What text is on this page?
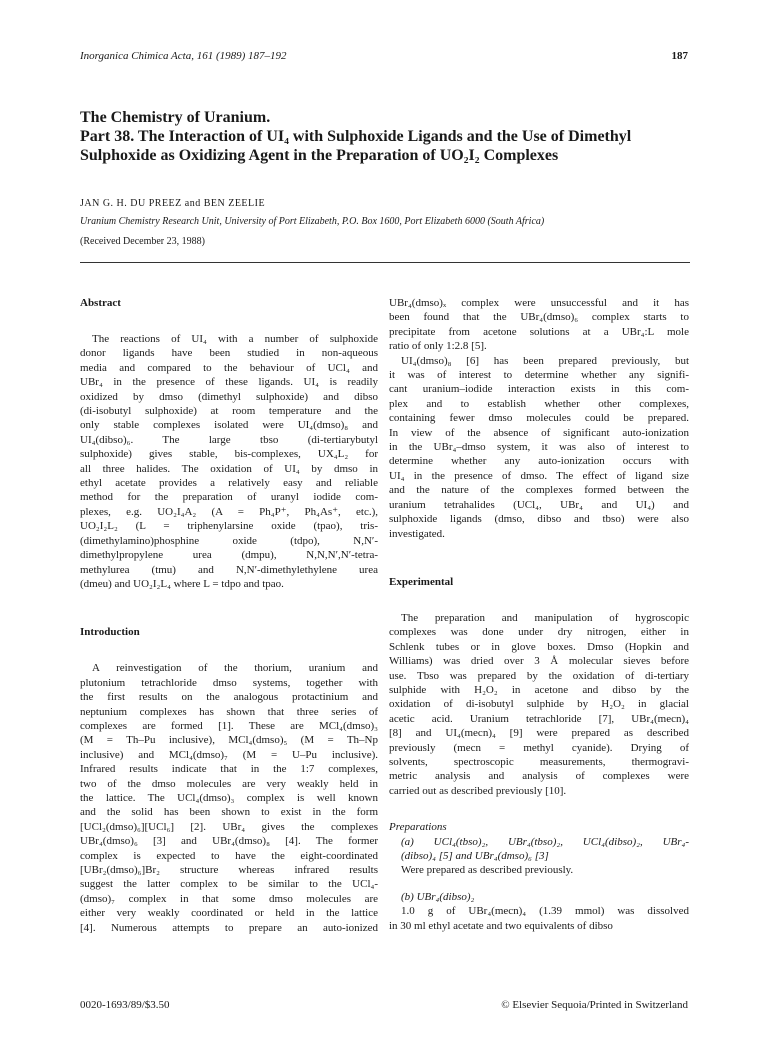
Inorganica Chimica Acta, 161 (1989) 187–192	187
The Chemistry of Uranium.
Part 38. The Interaction of UI₄ with Sulphoxide Ligands and the Use of Dimethyl
Sulphoxide as Oxidizing Agent in the Preparation of UO₂I₂ Complexes
JAN G. H. DU PREEZ and BEN ZEELIE
Uranium Chemistry Research Unit, University of Port Elizabeth, P.O. Box 1600, Port Elizabeth 6000 (South Africa)
(Received December 23, 1988)

Abstract

The reactions of UI₄ with a number of sulphoxide
donor ligands have been studied in non-aqueous
media and compared to the behaviour of UCl₄ and
UBr₄ in the presence of these ligands. UI₄ is readily
oxidized by dmso (dimethyl sulphoxide) and dibso
(di-isobutyl sulphoxide) at room temperature and the
only stable complexes isolated were UI₄(dmso)₈ and
UI₄(dibso)₆. The large tbso (di-tertiarybutyl
sulphoxide) gives stable, bis-complexes, UX₄L₂ for
all three halides. The oxidation of UI₄ by dmso in
ethyl acetate provides a relatively easy and reliable
method for the preparation of uranyl iodide com-
plexes, e.g. UO₂I₄A₂ (A = Ph₄P⁺, Ph₄As⁺, etc.),
UO₂I₂L₂ (L = triphenylarsine oxide (tpao), tris-
(dimethylamino)phosphine oxide (tdpo), N,N′-
dimethylpropylene urea (dmpu), N,N,N′,N′-tetra-
methylurea (tmu) and N,N′-dimethylethylene urea
(dmeu) and UO₂I₂L₄ where L = tdpo and tpao.

Introduction

A reinvestigation of the thorium, uranium and
plutonium tetrachloride dmso systems, together with
the first results on the analogous protactinium and
neptunium complexes has shown that three series of
complexes are formed [1]. These are MCl₄(dmso)₃
(M = Th–Pu inclusive), MCl₄(dmso)₅ (M = Th–Np
inclusive) and MCl₄(dmso)₇ (M = U–Pu inclusive).
Infrared results indicate that in the 1:7 complexes,
two of the dmso molecules are very weakly held in
the lattice. The UCl₄(dmso)₃ complex is well known
and the solid has been shown to exist in the form
[UCl₂(dmso)₆][UCl₆] [2]. UBr₄ gives the complexes
UBr₄(dmso)₆ [3] and UBr₄(dmso)₈ [4]. The former
complex is expected to have the eight-coordinated
[UBr₂(dmso)₆]Br₂ structure whereas infrared results
suggest the latter complex to be similar to the UCl₄-
(dmso)₇ complex in that some dmso molecules are
either very weakly coordinated or held in the lattice
[4]. Numerous attempts to prepare an auto-ionized
UBr₄(dmso)ₓ complex were unsuccessful and it has
been found that the UBr₄(dmso)₆ complex starts to
precipitate from acetone solutions at a UBr₄:L mole
ratio of only 1:2.8 [5].
UI₄(dmso)₈ [6] has been prepared previously, but
it was of interest to determine whether any signifi-
cant uranium–iodide interaction exists in this com-
plex and to establish whether other complexes,
containing fewer dmso molecules could be prepared.
In view of the absence of significant auto-ionization
in the UBr₄–dmso system, it was also of interest to
determine whether any auto-ionization occurs with
UI₄ in the presence of dmso. The effect of ligand size
and the nature of the complexes formed between the
uranium tetrahalides (UCl₄, UBr₄ and UI₄) and
sulphoxide ligands (dmso, dibso and tbso) were also
investigated.

Experimental

The preparation and manipulation of hygroscopic
complexes was done under dry nitrogen, either in
Schlenk tubes or in glove boxes. Dmso (Hopkin and
Williams) was dried over 3 Å molecular sieves before
use. Tbso was prepared by the oxidation of di-tertiary
sulphide with H₂O₂ in acetone and dibso by the
oxidation of di-isobutyl sulphide by H₂O₂ in glacial
acetic acid. Uranium tetrachloride [7], UBr₄(mecn)₄
[8] and UI₄(mecn)₄ [9] were prepared as described
previously (mecn = methyl cyanide). Drying of
solvents, spectroscopic measurements, thermogravi-
metric analysis and analysis of complexes were
carried out as described previously [10].
Preparations
(a) UCl₄(tbso)₂, UBr₄(tbso)₂, UCl₄(dibso)₂, UBr₄-
(dibso)₄ [5] and UBr₄(dmso)₆ [3]
Were prepared as described previously.
(b) UBr₄(dibso)₂
1.0 g of UBr₄(mecn)₄ (1.39 mmol) was dissolved
in 30 ml ethyl acetate and two equivalents of dibso
0020-1693/89/$3.50	© Elsevier Sequoia/Printed in Switzerland
